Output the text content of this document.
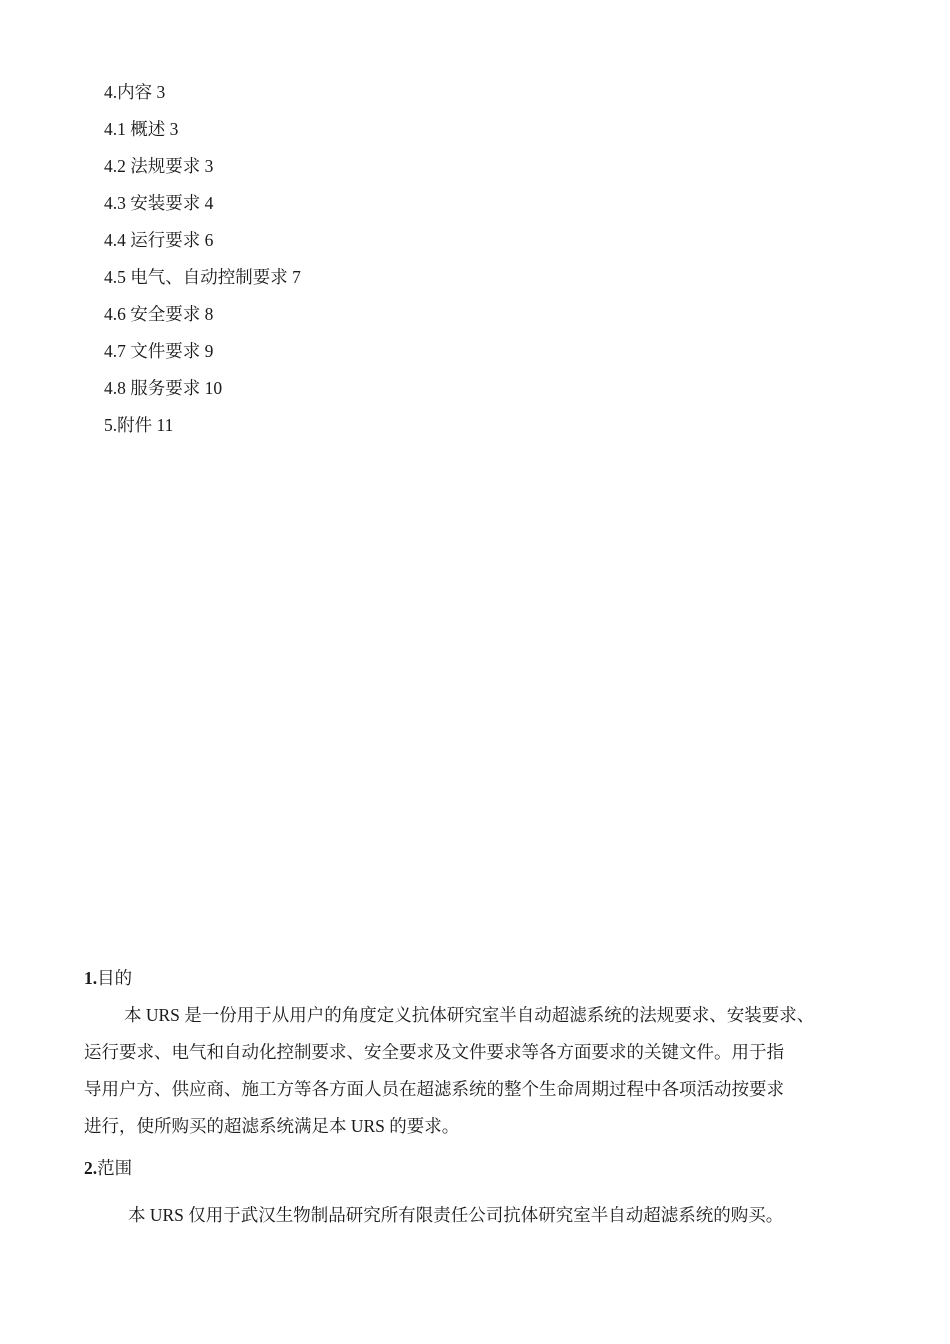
4.内容 3
4.1 概述 3
4.2 法规要求 3
4.3 安装要求 4
4.4 运行要求 6
4.5 电气、自动控制要求 7
4.6 安全要求 8
4.7 文件要求 9
4.8 服务要求 10
5.附件 11
1.目的
本 URS 是一份用于从用户的角度定义抗体研究室半自动超滤系统的法规要求、安装要求、
运行要求、电气和自动化控制要求、安全要求及文件要求等各方面要求的关键文件。用于指
导用户方、供应商、施工方等各方面人员在超滤系统的整个生命周期过程中各项活动按要求
进行，使所购买的超滤系统满足本 URS 的要求。
2.范围
本 URS 仅用于武汉生物制品研究所有限责任公司抗体研究室半自动超滤系统的购买。
